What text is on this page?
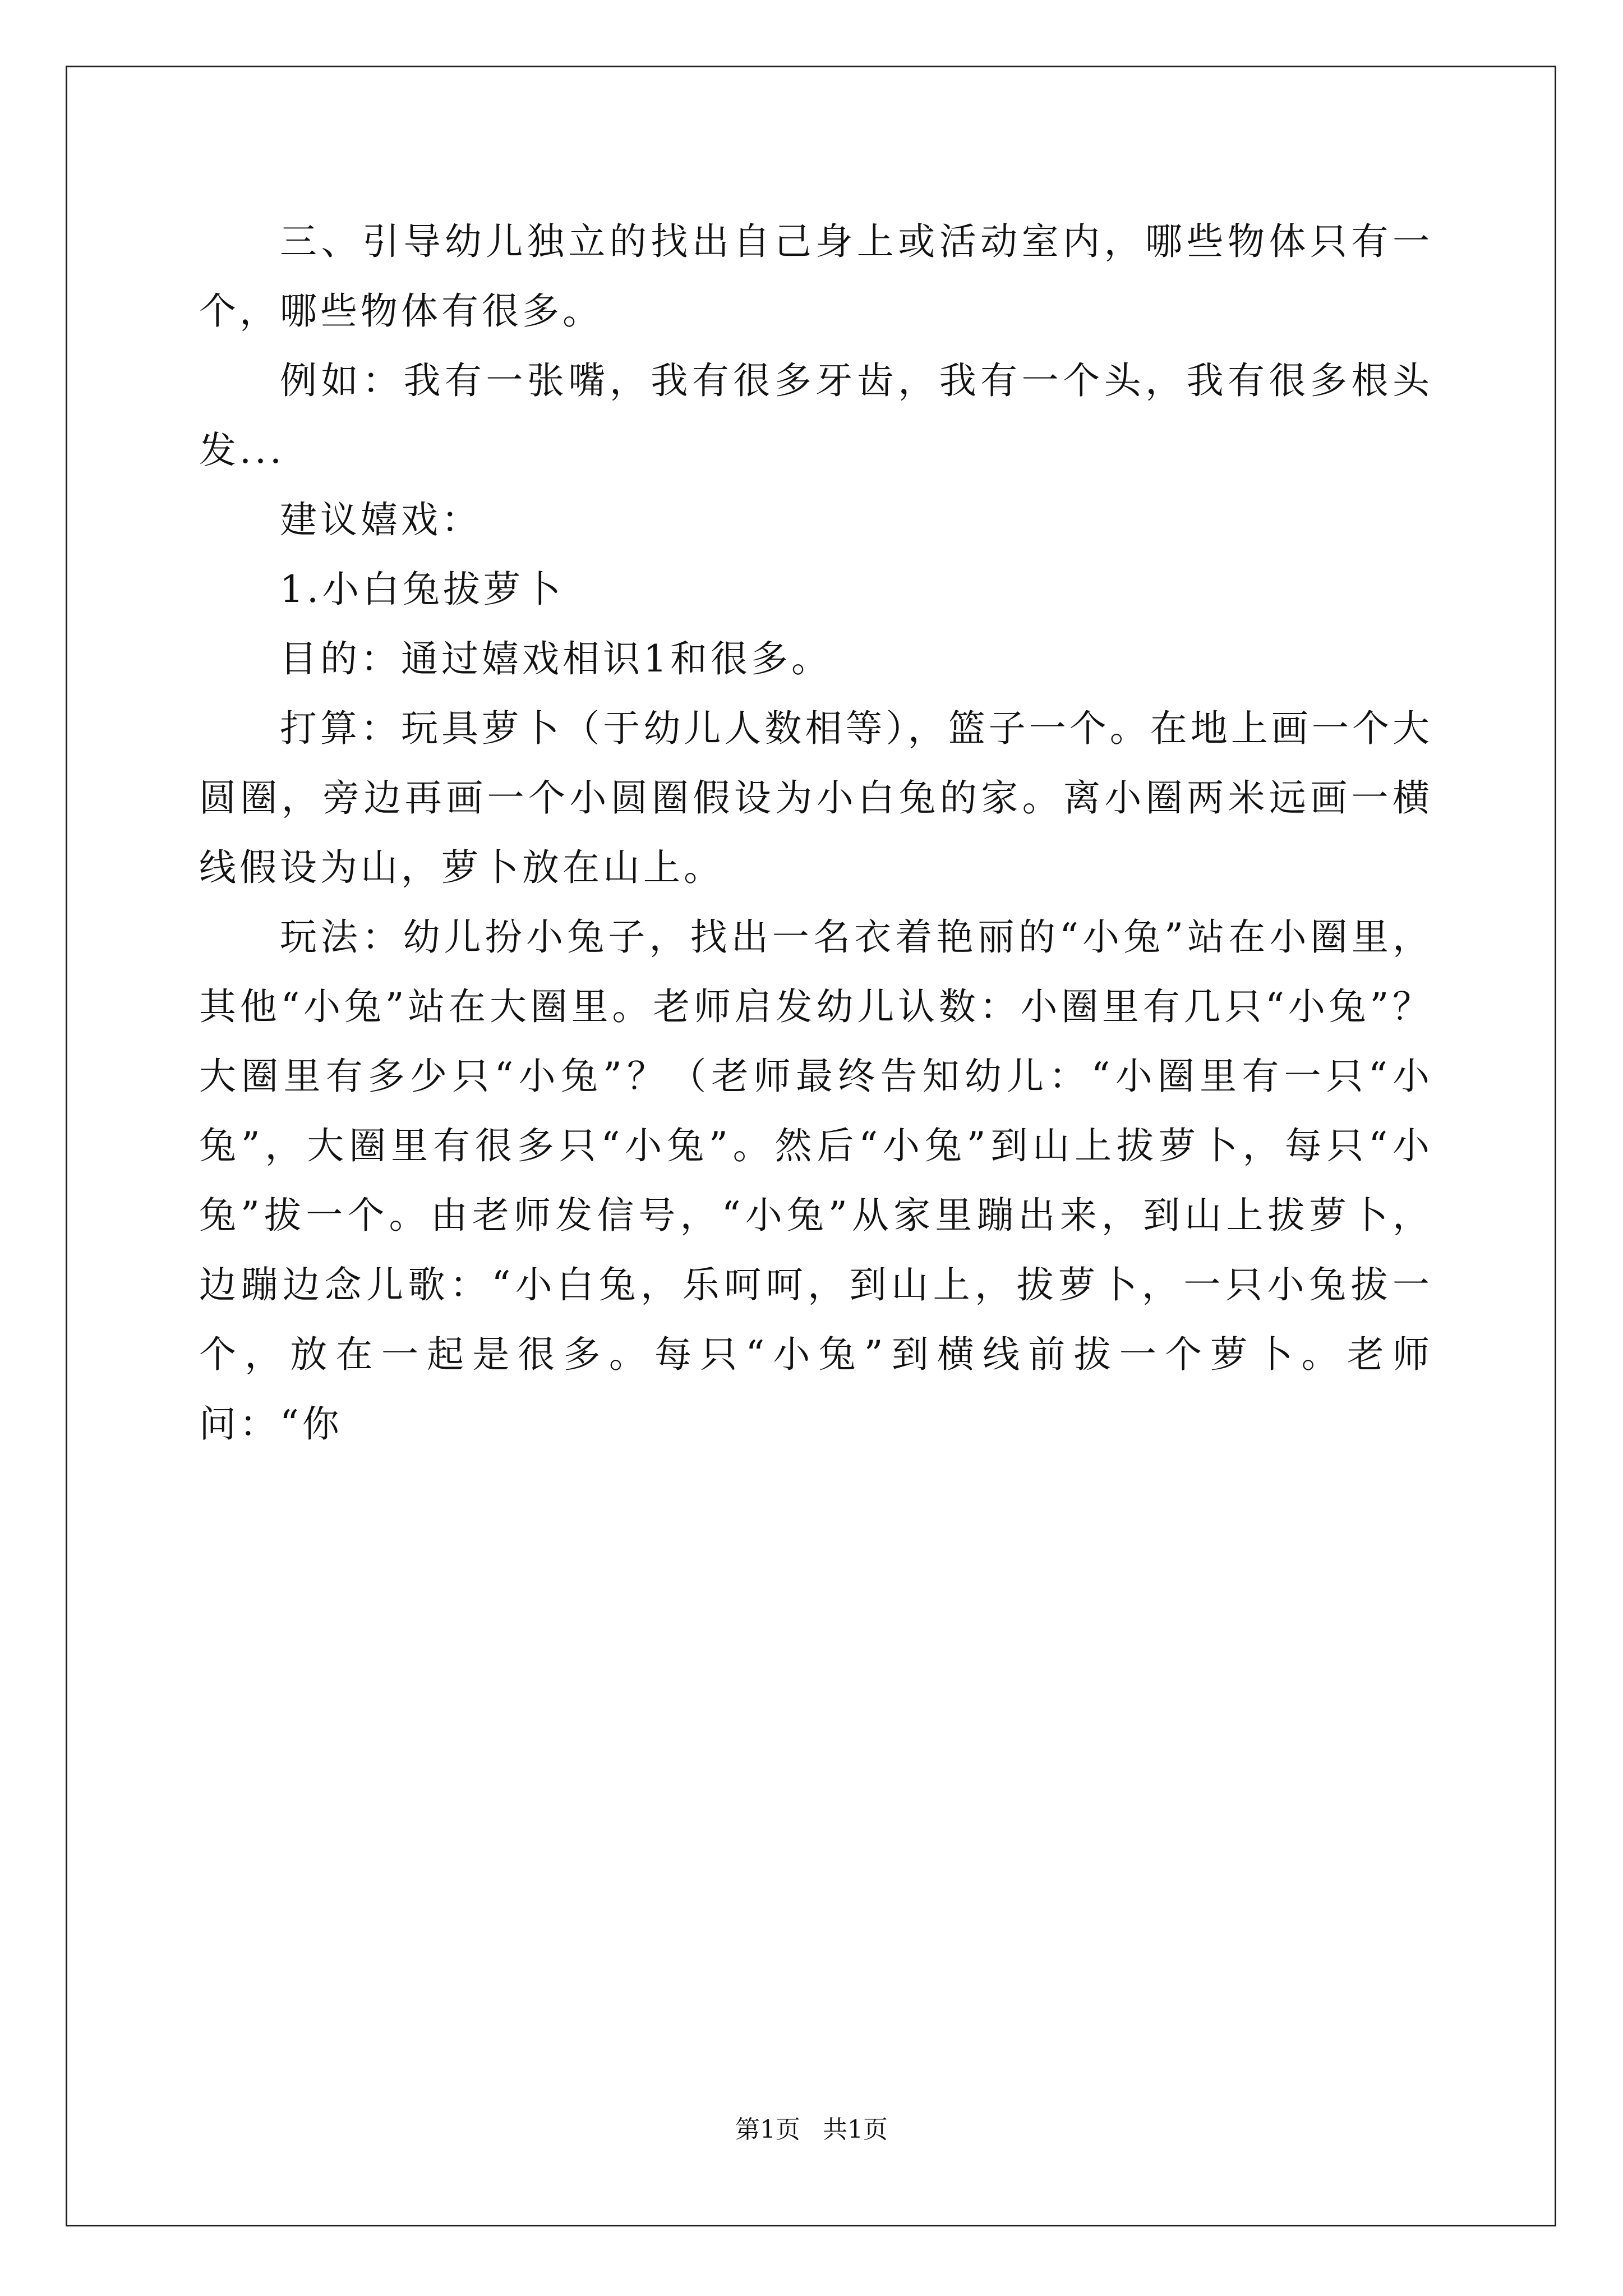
三、引导幼儿独立的找出自己身上或活动室内，哪些物体只有一个，哪些物体有很多。

例如：我有一张嘴，我有很多牙齿，我有一个头，我有很多根头发...

建议嬉戏：

1.小白兔拔萝卜

目的：通过嬉戏相识1和很多。

打算：玩具萝卜（于幼儿人数相等），篮子一个。在地上画一个大圆圈，旁边再画一个小圆圈假设为小白兔的家。离小圈两米远画一横线假设为山，萝卜放在山上。

玩法：幼儿扮小兔子，找出一名衣着艳丽的“小兔”站在小圈里，其他“小兔”站在大圈里。老师启发幼儿认数：小圈里有几只“小兔”？大圈里有多少只“小兔”？（老师最终告知幼儿：“小圈里有一只“小兔”，大圈里有很多只“小兔”。然后“小兔”到山上拔萝卜，每只“小兔”拔一个。由老师发信号，“小兔”从家里蹦出来，到山上拔萝卜，边蹦边念儿歌：“小白兔，乐呵呵，到山上，拔萝卜，一只小兔拔一个，放在一起是很多。每只“小兔”到横线前拔一个萝卜。老师问：“你

第1页 共1页
